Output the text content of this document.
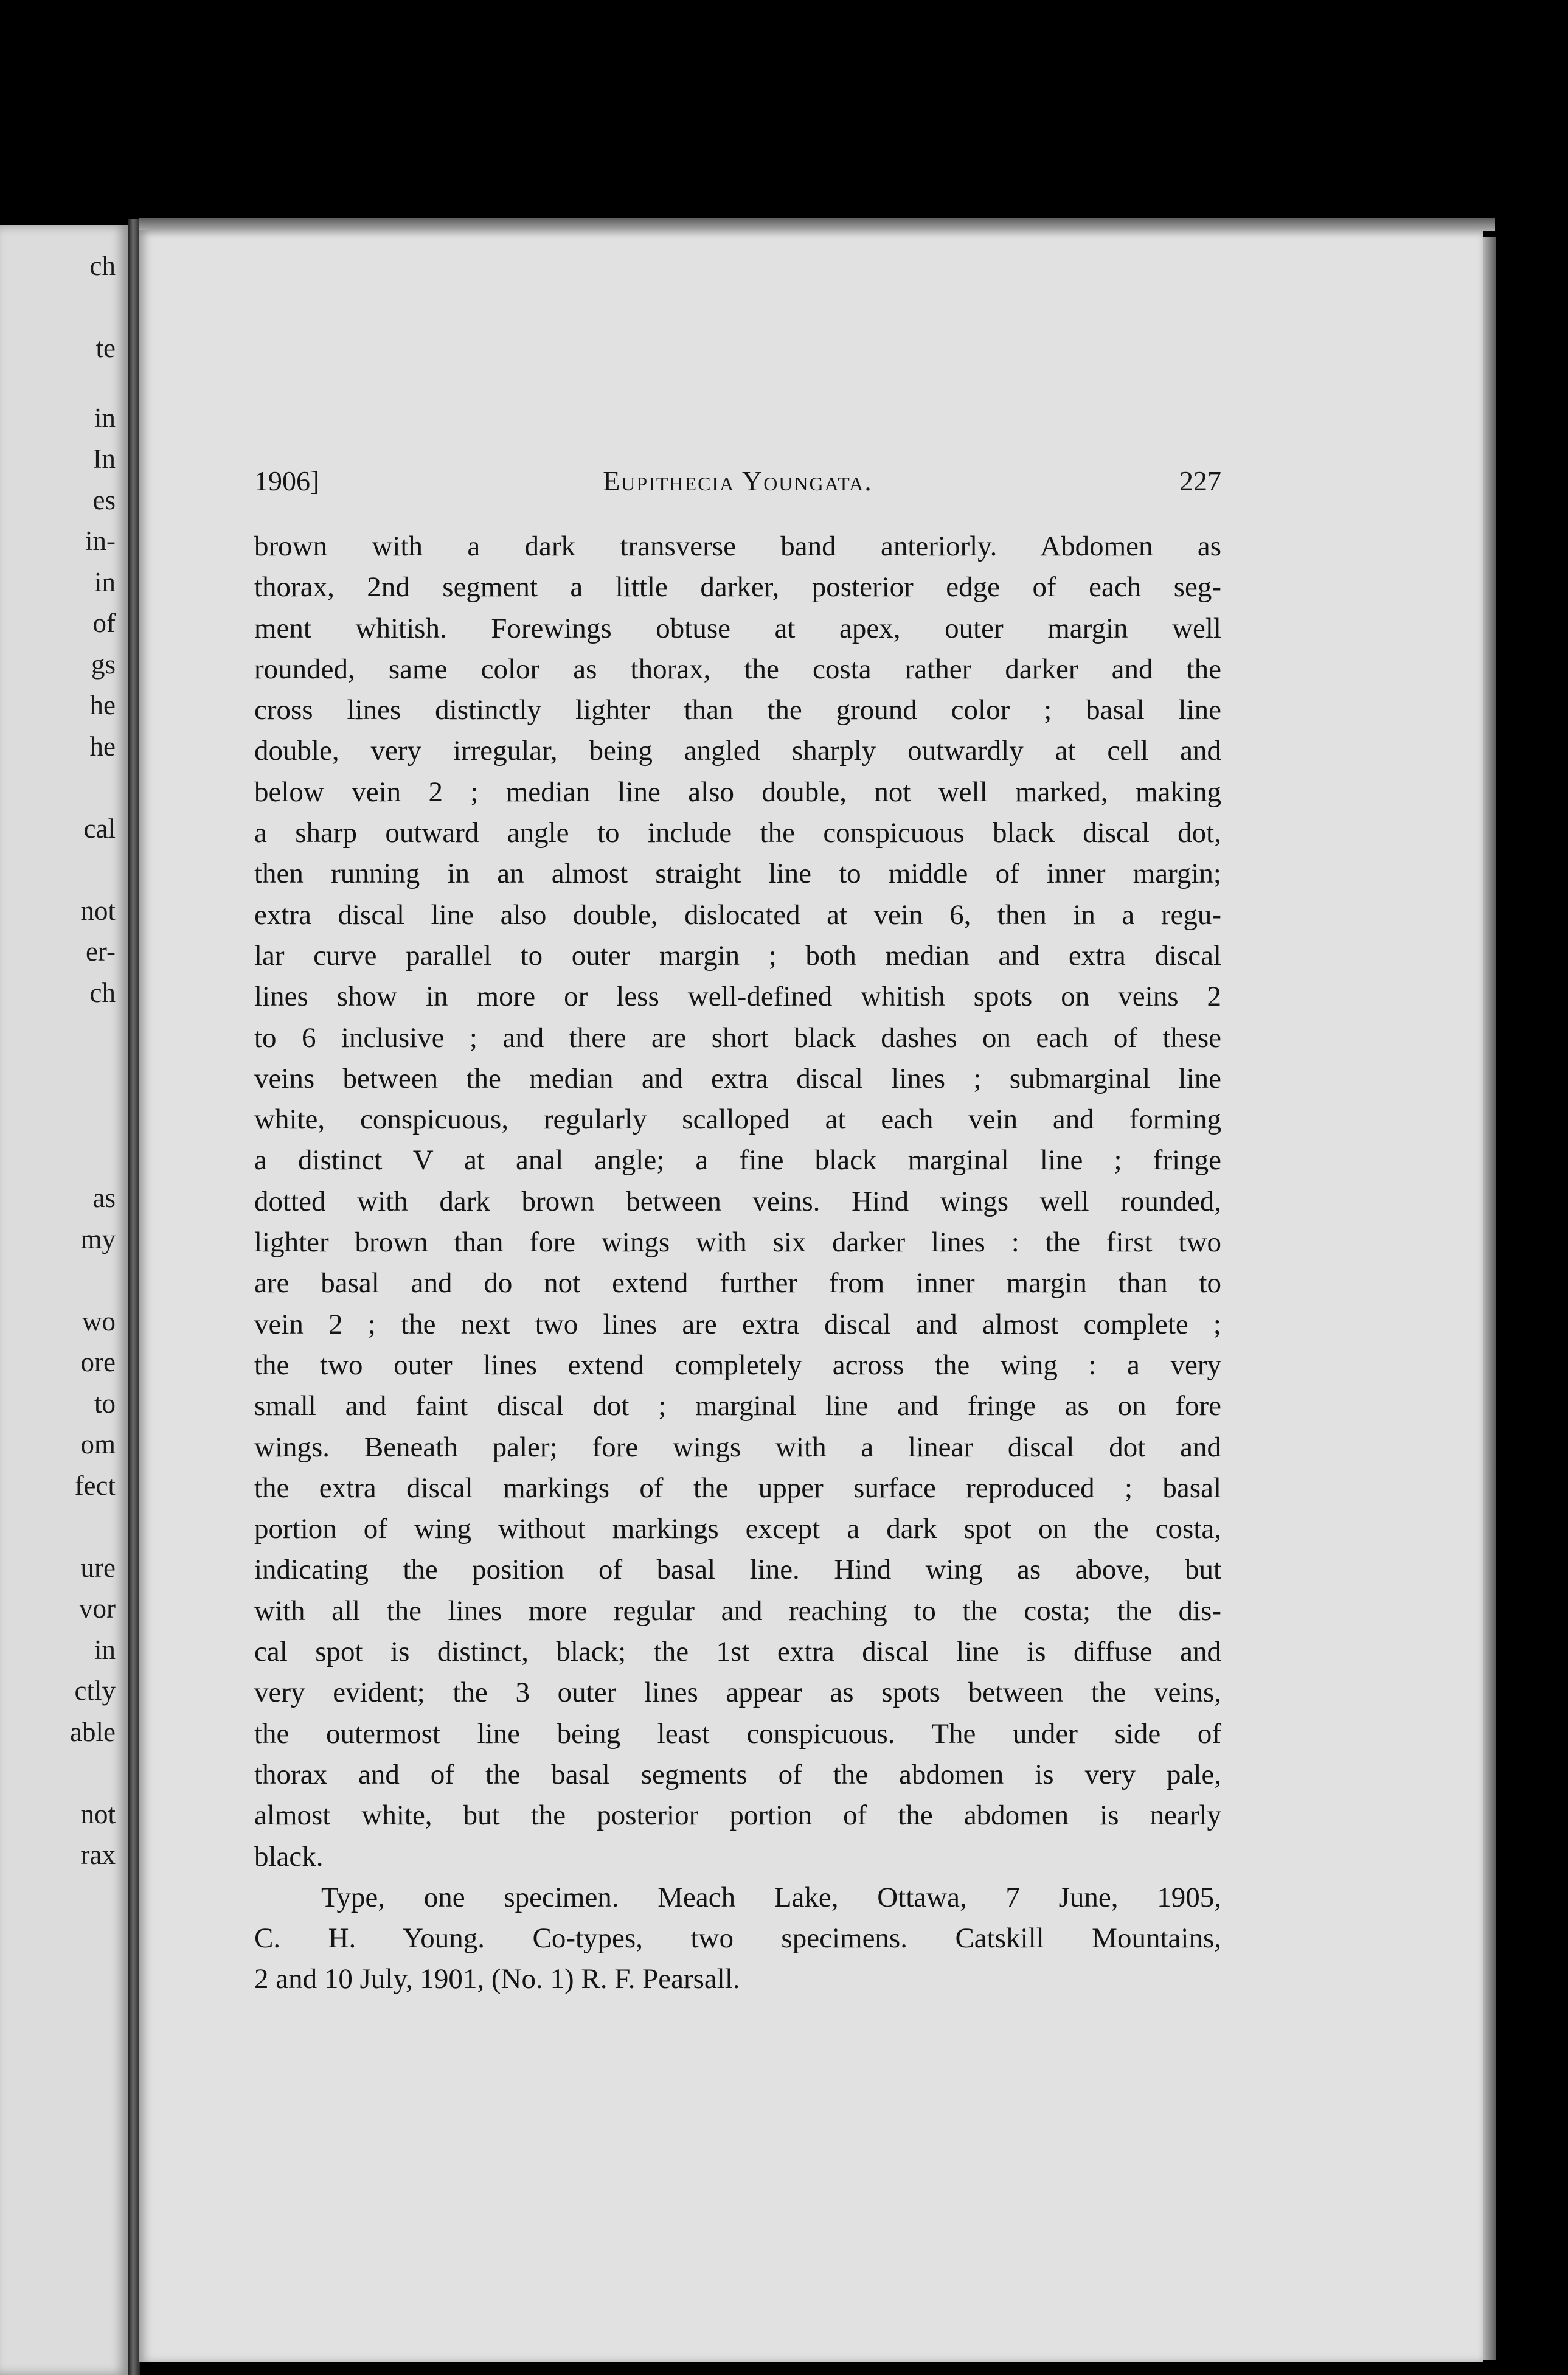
ch
te
in
In
es
in-
in
of
gs
he
he
cal
not
er-
ch
as
my
wo
ore
to
om
fect
ure
vor
in
ctly
able
not
rax
1906]	Eupithecia Youngata.	227
brown with a dark transverse band anteriorly. Abdomen as
thorax, 2nd segment a little darker, posterior edge of each seg-
ment whitish. Forewings obtuse at apex, outer margin well
rounded, same color as thorax, the costa rather darker and the
cross lines distinctly lighter than the ground color ; basal line
double, very irregular, being angled sharply outwardly at cell and
below vein 2 ; median line also double, not well marked, making
a sharp outward angle to include the conspicuous black discal dot,
then running in an almost straight line to middle of inner margin;
extra discal line also double, dislocated at vein 6, then in a regu-
lar curve parallel to outer margin ; both median and extra discal
lines show in more or less well-defined whitish spots on veins 2
to 6 inclusive ; and there are short black dashes on each of these
veins between the median and extra discal lines ; submarginal line
white, conspicuous, regularly scalloped at each vein and forming
a distinct V at anal angle; a fine black marginal line ; fringe
dotted with dark brown between veins. Hind wings well rounded,
lighter brown than fore wings with six darker lines : the first two
are basal and do not extend further from inner margin than to
vein 2 ; the next two lines are extra discal and almost complete ;
the two outer lines extend completely across the wing : a very
small and faint discal dot ; marginal line and fringe as on fore
wings. Beneath paler; fore wings with a linear discal dot and
the extra discal markings of the upper surface reproduced ; basal
portion of wing without markings except a dark spot on the costa,
indicating the position of basal line. Hind wing as above, but
with all the lines more regular and reaching to the costa; the dis-
cal spot is distinct, black; the 1st extra discal line is diffuse and
very evident; the 3 outer lines appear as spots between the veins,
the outermost line being least conspicuous. The under side of
thorax and of the basal segments of the abdomen is very pale,
almost white, but the posterior portion of the abdomen is nearly
black.
Type, one specimen. Meach Lake, Ottawa, 7 June, 1905,
C. H. Young. Co-types, two specimens. Catskill Mountains,
2 and 10 July, 1901, (No. 1) R. F. Pearsall.
